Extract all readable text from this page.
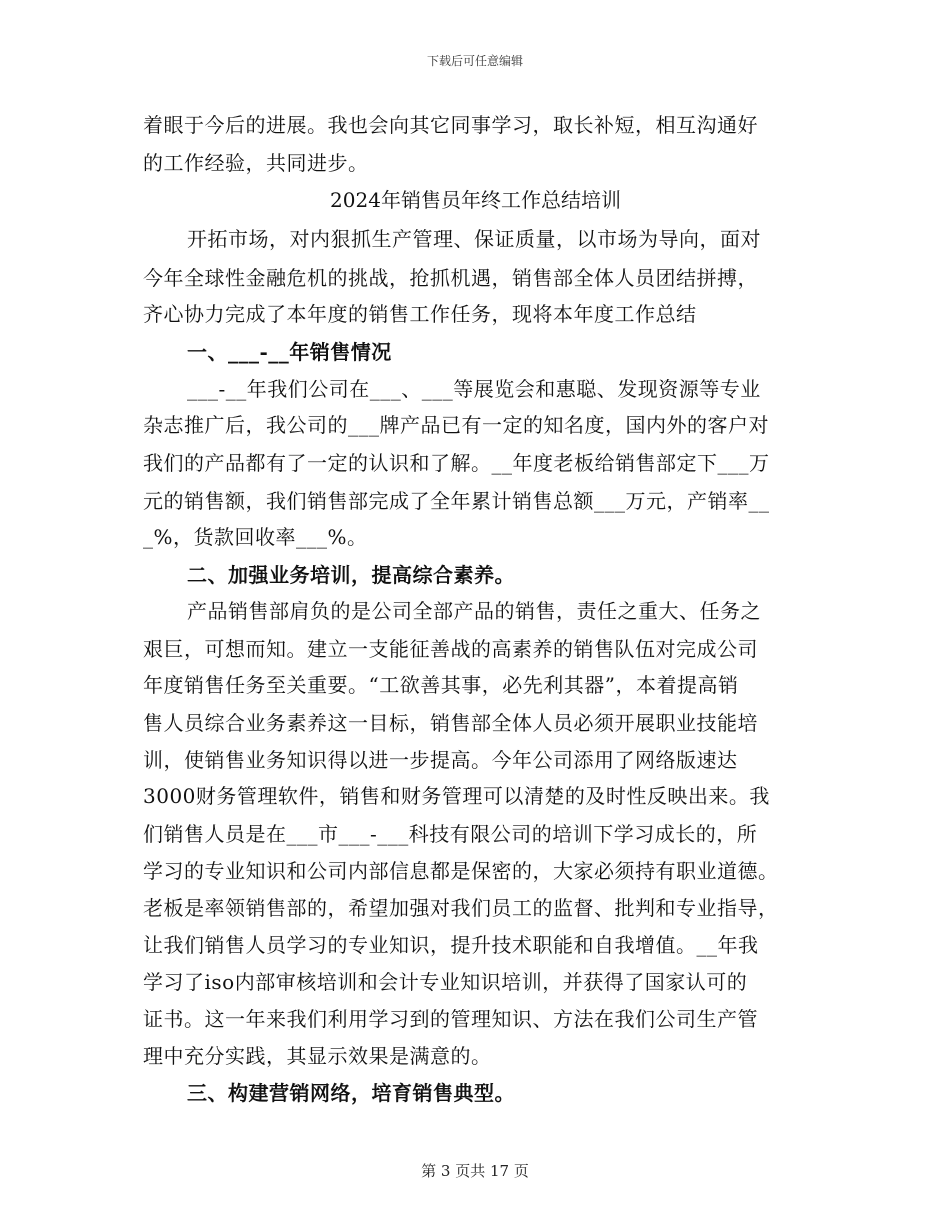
下载后可任意编辑
着眼于今后的进展。我也会向其它同事学习，取长补短，相互沟通好
的工作经验，共同进步。
2024年销售员年终工作总结培训
开拓市场，对内狠抓生产管理、保证质量，以市场为导向，面对
今年全球性金融危机的挑战，抢抓机遇，销售部全体人员团结拼搏，
齐心协力完成了本年度的销售工作任务，现将本年度工作总结
一、___-__年销售情况
___-__年我们公司在___、___等展览会和惠聪、发现资源等专业
杂志推广后，我公司的___牌产品已有一定的知名度，国内外的客户对
我们的产品都有了一定的认识和了解。__年度老板给销售部定下___万
元的销售额，我们销售部完成了全年累计销售总额___万元，产销率__
_%，货款回收率___%。
二、加强业务培训，提高综合素养。
产品销售部肩负的是公司全部产品的销售，责任之重大、任务之
艰巨，可想而知。建立一支能征善战的高素养的销售队伍对完成公司
年度销售任务至关重要。“工欲善其事，必先利其器”，本着提高销
售人员综合业务素养这一目标，销售部全体人员必须开展职业技能培
训，使销售业务知识得以进一步提高。今年公司添用了网络版速达
3000财务管理软件，销售和财务管理可以清楚的及时性反映出来。我
们销售人员是在___市___-___科技有限公司的培训下学习成长的，所
学习的专业知识和公司内部信息都是保密的，大家必须持有职业道德。
老板是率领销售部的，希望加强对我们员工的监督、批判和专业指导，
让我们销售人员学习的专业知识，提升技术职能和自我增值。__年我
学习了iso内部审核培训和会计专业知识培训，并获得了国家认可的
证书。这一年来我们利用学习到的管理知识、方法在我们公司生产管
理中充分实践，其显示效果是满意的。
三、构建营销网络，培育销售典型。
第 3 页共 17 页
